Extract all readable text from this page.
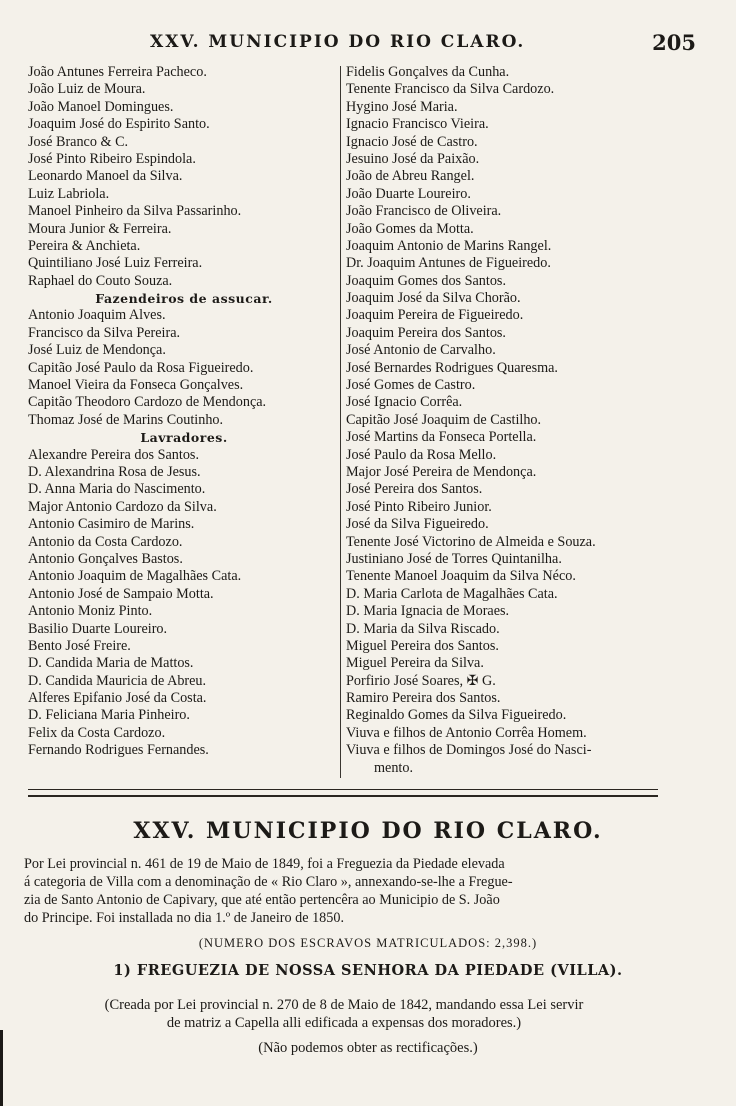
XXV. MUNICIPIO DO RIO CLARO.	205
João Antunes Ferreira Pacheco.
João Luiz de Moura.
João Manoel Domingues.
Joaquim José do Espirito Santo.
José Branco & C.
José Pinto Ribeiro Espindola.
Leonardo Manoel da Silva.
Luiz Labriola.
Manoel Pinheiro da Silva Passarinho.
Moura Junior & Ferreira.
Pereira & Anchieta.
Quintiliano José Luiz Ferreira.
Raphael do Couto Souza.
Fazendeiros de assucar.
Antonio Joaquim Alves.
Francisco da Silva Pereira.
José Luiz de Mendonça.
Capitão José Paulo da Rosa Figueiredo.
Manoel Vieira da Fonseca Gonçalves.
Capitão Theodoro Cardozo de Mendonça.
Thomaz José de Marins Coutinho.
Lavradores.
Alexandre Pereira dos Santos.
D. Alexandrina Rosa de Jesus.
D. Anna Maria do Nascimento.
Major Antonio Cardozo da Silva.
Antonio Casimiro de Marins.
Antonio da Costa Cardozo.
Antonio Gonçalves Bastos.
Antonio Joaquim de Magalhães Cata.
Antonio José de Sampaio Motta.
Antonio Moniz Pinto.
Basilio Duarte Loureiro.
Bento José Freire.
D. Candida Maria de Mattos.
D. Candida Mauricia de Abreu.
Alferes Epifanio José da Costa.
D. Feliciana Maria Pinheiro.
Felix da Costa Cardozo.
Fernando Rodrigues Fernandes.
Fidelis Gonçalves da Cunha.
Tenente Francisco da Silva Cardozo.
Hygino José Maria.
Ignacio Francisco Vieira.
Ignacio José de Castro.
Jesuino José da Paixão.
João de Abreu Rangel.
João Duarte Loureiro.
João Francisco de Oliveira.
João Gomes da Motta.
Joaquim Antonio de Marins Rangel.
Dr. Joaquim Antunes de Figueiredo.
Joaquim Gomes dos Santos.
Joaquim José da Silva Chorão.
Joaquim Pereira de Figueiredo.
Joaquim Pereira dos Santos.
José Antonio de Carvalho.
José Bernardes Rodrigues Quaresma.
José Gomes de Castro.
José Ignacio Corrêa.
Capitão José Joaquim de Castilho.
José Martins da Fonseca Portella.
José Paulo da Rosa Mello.
Major José Pereira de Mendonça.
José Pereira dos Santos.
José Pinto Ribeiro Junior.
José da Silva Figueiredo.
Tenente José Victorino de Almeida e Souza.
Justiniano José de Torres Quintanilha.
Tenente Manoel Joaquim da Silva Néco.
D. Maria Carlota de Magalhães Cata.
D. Maria Ignacia de Moraes.
D. Maria da Silva Riscado.
Miguel Pereira dos Santos.
Miguel Pereira da Silva.
Porfirio José Soares, ✠ G.
Ramiro Pereira dos Santos.
Reginaldo Gomes da Silva Figueiredo.
Viuva e filhos de Antonio Corrêa Homem.
Viuva e filhos de Domingos José do Nasci-
mento.
XXV. MUNICIPIO DO RIO CLARO.
Por Lei provincial n. 461 de 19 de Maio de 1849, foi a Freguezia da Piedade elevada
á categoria de Villa com a denominação de « Rio Claro », annexando-se-lhe a Fregue-
zia de Santo Antonio de Capivary, que até então pertencêra ao Municipio de S. João
do Principe. Foi installada no dia 1.º de Janeiro de 1850.
(NUMERO DOS ESCRAVOS MATRICULADOS: 2,398.)
1) FREGUEZIA DE NOSSA SENHORA DA PIEDADE (VILLA).
(Creada por Lei provincial n. 270 de 8 de Maio de 1842, mandando essa Lei servir
de matriz a Capella alli edificada a expensas dos moradores.)
(Não podemos obter as rectificações.)
